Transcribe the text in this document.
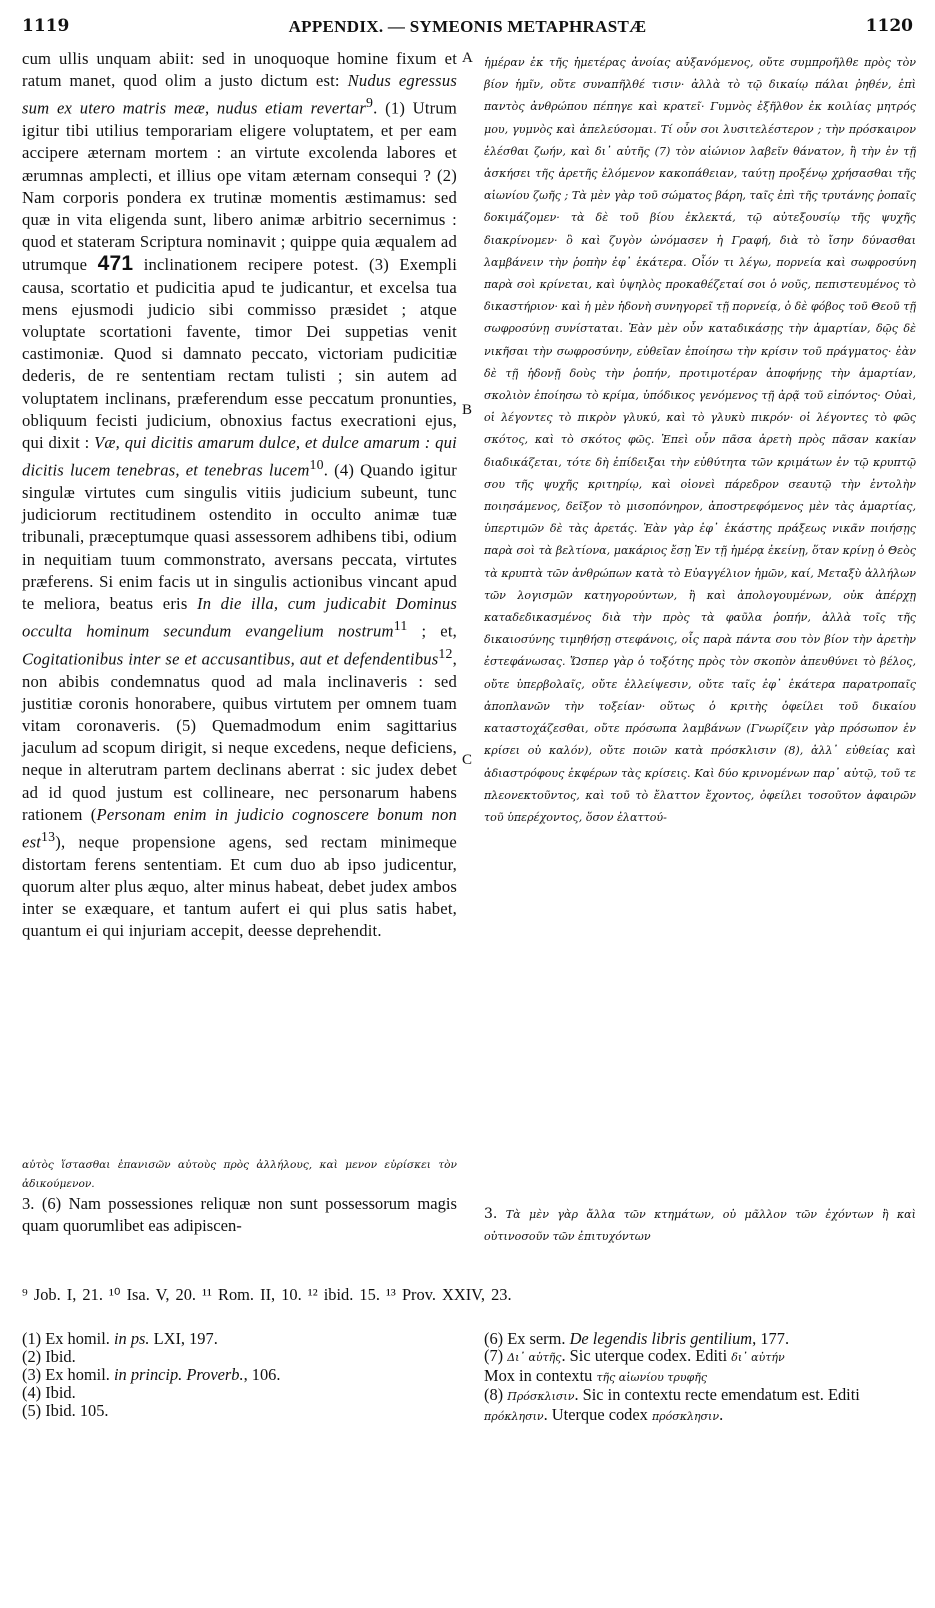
1119	APPENDIX. — SYMEONIS METAPHRASTÆ	1120
A
B
C

cum ullis unquam abiit: sed in unoquoque homine fixum et ratum manet, quod olim a justo dictum est: Nudus egressus sum ex utero matris meæ, nudus etiam revertar$^9$. (1) Utrum igitur tibi utilius temporariam eligere voluptatem, et per eam accipere æternam mortem : an virtute excolenda labores et ærumnas amplecti, et illius ope vitam æternam consequi ? (2) Nam corporis pondera ex trutinæ momentis æstimamus: sed quæ in vita eligenda sunt, libero animæ arbitrio secernimus : quod et stateram Scriptura nominavit ; quippe quia æqualem ad utrumque 471 inclinationem recipere potest. (3) Exempli causa, scortatio et pudicitia apud te judicantur, et excelsa tua mens ejusmodi judicio sibi commisso præsidet ; atque voluptate scortationi favente, timor Dei suppetias venit castimoniæ. Quod si damnato peccato, victoriam pudicitiæ dederis, de re sententiam rectam tulisti ; sin autem ad voluptatem inclinans, præferendum esse peccatum pronunties, obliquum fecisti judicium, obnoxius factus execrationi ejus, qui dixit : Væ, qui dicitis amarum dulce, et dulce amarum : qui dicitis lucem tenebras, et tenebras lucem$^{10}$. (4) Quando igitur singulæ virtutes cum singulis vitiis judicium subeunt, tunc judiciorum rectitudinem ostendito in occulto animæ tuæ tribunali, præceptumque quasi assessorem adhibens tibi, odium in nequitiam tuum commonstrato, aversans peccata, virtutes præferens. Si enim facis ut in singulis actionibus vincant apud te meliora, beatus eris In die illa, cum judicabit Dominus occulta hominum secundum evangelium nostrum$^{11}$ ; et, Cogitationibus inter se et accusantibus, aut et defendentibus$^{12}$, non abibis condemnatus quod ad mala inclinaveris : sed justitiæ coronis honorabere, quibus virtutem per omnem tuam vitam coronaveris. (5) Quemadmodum enim sagittarius jaculum ad scopum dirigit, si neque excedens, neque deficiens, neque in alterutram partem declinans aberrat : sic judex debet ad id quod justum est collineare, nec personarum habens rationem (Personam enim in judicio cognoscere bonum non est$^{13}$), neque propensione agens, sed rectam minimeque distortam ferens sententiam. Et cum duo ab ipso judicentur, quorum alter plus æquo, alter minus habeat, debet judex ambos inter se exæquare, et tantum aufert ei qui plus satis habet, quantum ei qui injuriam accepit, deesse deprehendit.

ἡμέραν ἐκ τῆς ἡμετέρας ἀνοίας αὐξανόμενος, οὔτε συμπροῆλθε πρὸς τὸν βίον ἡμῖν, οὔτε συναπῆλθέ τισιν· ἀλλὰ τὸ τῷ δικαίῳ πάλαι ῥηθέν, ἐπὶ παντὸς ἀνθρώπου πέπηγε καὶ κρατεῖ· Γυμνὸς ἐξῆλθον ἐκ κοιλίας μητρός μου, γυμνὸς καὶ ἀπελεύσομαι. Τί οὖν σοι λυσιτελέστερον ; τὴν πρόσκαιρον ἑλέσθαι ζωήν, καὶ δι᾽ αὐτῆς (7) τὸν αἰώνιον λαβεῖν θάνατον, ἢ τὴν ἐν τῇ ἀσκήσει τῆς ἀρετῆς ἑλόμενον κακοπάθειαν, ταύτῃ προξένῳ χρήσασθαι τῆς αἰωνίου ζωῆς ; Τὰ μὲν γὰρ τοῦ σώματος βάρη, ταῖς ἐπὶ τῆς τρυτάνης ῥοπαῖς δοκιμάζομεν· τὰ δὲ τοῦ βίου ἐκλεκτά, τῷ αὐτεξουσίῳ τῆς ψυχῆς διακρίνομεν· ὃ καὶ ζυγὸν ὠνόμασεν ἡ Γραφή, διὰ τὸ ἴσην δύνασθαι λαμβάνειν τὴν ῥοπὴν ἐφ᾽ ἑκάτερα. Οἷόν τι λέγω, πορνεία καὶ σωφροσύνη παρὰ σοὶ κρίνεται, καὶ ὑψηλὸς προκαθέζεταί σοι ὁ νοῦς, πεπιστευμένος τὸ δικαστήριον· καὶ ἡ μὲν ἡδονὴ συνηγορεῖ τῇ πορνείᾳ, ὁ δὲ φόβος τοῦ Θεοῦ τῇ σωφροσύνῃ συνίσταται. Ἐὰν μὲν οὖν καταδικάσῃς τὴν ἁμαρτίαν, δῷς δὲ νικῆσαι τὴν σωφροσύνην, εὐθεῖαν ἐποίησω τὴν κρίσιν τοῦ πράγματος· ἐὰν δὲ τῇ ἡδονῇ δοὺς τὴν ῥοπήν, προτιμοτέραν ἀποφήνῃς τὴν ἁμαρτίαν, σκολιὸν ἐποίησω τὸ κρίμα, ὑπόδικος γενόμενος τῇ ἀρᾷ τοῦ εἰπόντος· Οὐαὶ, οἱ λέγοντες τὸ πικρὸν γλυκύ, καὶ τὸ γλυκὺ πικρόν· οἱ λέγοντες τὸ φῶς σκότος, καὶ τὸ σκότος φῶς. Ἐπεὶ οὖν πᾶσα ἀρετὴ πρὸς πᾶσαν κακίαν διαδικάζεται, τότε δὴ ἐπίδειξαι τὴν εὐθύτητα τῶν κριμάτων ἐν τῷ κρυπτῷ σου τῆς ψυχῆς κριτηρίῳ, καὶ οἱονεὶ πάρεδρον σεαυτῷ τὴν ἐντολὴν ποιησάμενος, δεῖξον τὸ μισοπόνηρον, ἀποστρεφόμενος μὲν τὰς ἁμαρτίας, ὑπερτιμῶν δὲ τὰς ἀρετάς. Ἐὰν γὰρ ἐφ᾽ ἑκάστης πράξεως νικᾶν ποιήσῃς παρὰ σοὶ τὰ βελτίονα, μακάριος ἔσῃ Ἐν τῇ ἡμέρᾳ ἐκείνῃ, ὅταν κρίνῃ ὁ Θεὸς τὰ κρυπτὰ τῶν ἀνθρώπων κατὰ τὸ Εὐαγγέλιον ἡμῶν, καί, Μεταξὺ ἀλλήλων τῶν λογισμῶν κατηγορούντων, ἢ καὶ ἀπολογουμένων, οὐκ ἀπέρχῃ καταδεδικασμένος διὰ τὴν πρὸς τὰ φαῦλα ῥοπήν, ἀλλὰ τοῖς τῆς δικαιοσύνης τιμηθήσῃ στεφάνοις, οἷς παρὰ πάντα σου τὸν βίον τὴν ἀρετὴν ἐστεφάνωσας. Ὥσπερ γὰρ ὁ τοξότης πρὸς τὸν σκοπὸν ἀπευθύνει τὸ βέλος, οὔτε ὑπερβολαῖς, οὔτε ἐλλείψεσιν, οὔτε ταῖς ἐφ᾽ ἑκάτερα παρατροπαῖς ἀποπλανῶν τὴν τοξείαν· οὕτως ὁ κριτὴς ὀφείλει τοῦ δικαίου καταστοχάζεσθαι, οὔτε πρόσωπα λαμβάνων (Γνωρίζειν γὰρ πρόσωπον ἐν κρίσει οὐ καλόν), οὔτε ποιῶν κατὰ πρόσκλισιν (8), ἀλλ᾽ εὐθείας καὶ ἀδιαστρόφους ἐκφέρων τὰς κρίσεις. Καὶ δύο κρινομένων παρ᾽ αὐτῷ, τοῦ τε πλεονεκτοῦντος, καὶ τοῦ τὸ ἔλαττον ἔχοντος, ὀφείλει τοσοῦτον ἀφαιρῶν τοῦ ὑπερέχοντος, ὅσον ἐλαττού-

αὐτὸς ἵστασθαι ἐπανισῶν αὐτοὺς πρὸς ἀλλήλους, καὶ μενον εὑρίσκει τὸν ἀδικούμενον.
3. (6) Nam possessiones reliquæ non sunt possessorum magis quam quorumlibet eas adipiscen-
3. Τὰ μὲν γὰρ ἄλλα τῶν κτημάτων, οὐ μᾶλλον τῶν ἐχόντων ἢ καὶ οὑτινοσοῦν τῶν ἐπιτυχόντων
⁹ Job. I, 21. ¹⁰ Isa. V, 20. ¹¹ Rom. II, 10. ¹² ibid. 15. ¹³ Prov. XXIV, 23.

(1) Ex homil. in ps. LXI, 197.

(2) Ibid.

(3) Ex homil. in princip. Proverb., 106.

(4) Ibid.

(5) Ibid. 105.

(6) Ex serm. De legendis libris gentilium, 177.

(7) Δι᾽ αὐτῆς. Sic uterque codex. Editi δι᾽ αὐτήν
Mox in contextu τῆς αἰωνίου τρυφῆς

(8) Πρόσκλισιν. Sic in contextu recte emendatum est. Editi πρόκλησιν. Uterque codex πρόσκλησιν.
